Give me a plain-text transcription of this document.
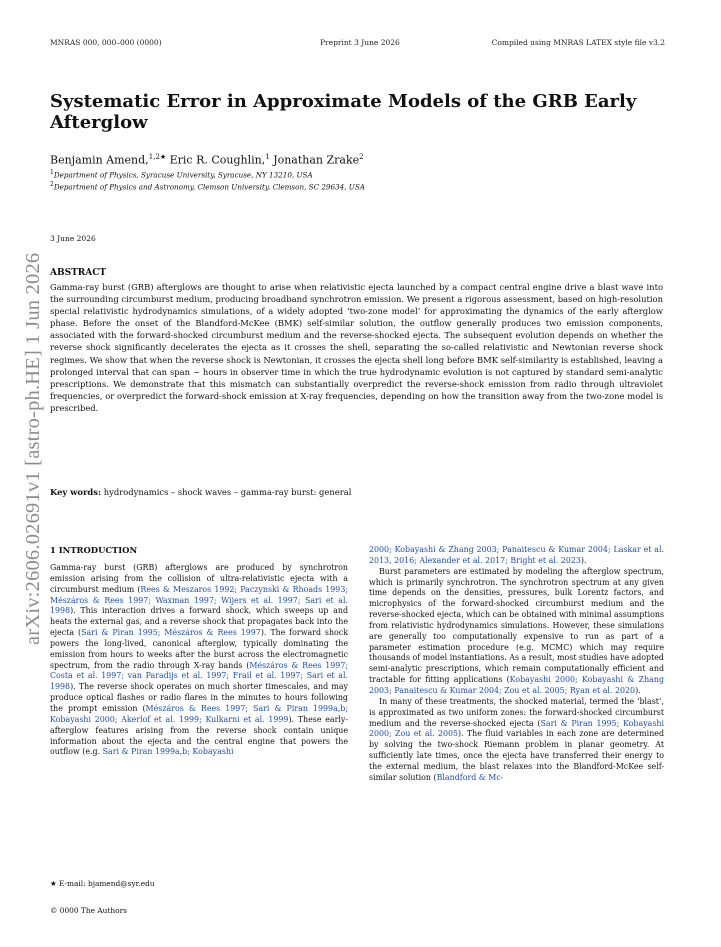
MNRAS 000, 000–000 (0000)	Preprint 3 June 2026	Compiled using MNRAS LATEX style file v3.2
arXiv:2606.02691v1 [astro-ph.HE] 1 Jun 2026
Systematic Error in Approximate Models of the GRB Early Afterglow
Benjamin Amend,$^{1,2★}$ Eric R. Coughlin,$^1$ Jonathan Zrake$^2$
$^1$Department of Physics, Syracuse University, Syracuse, NY 13210, USA
$^2$Department of Physics and Astronomy, Clemson University, Clemson, SC 29634, USA
3 June 2026
ABSTRACT
Gamma-ray burst (GRB) afterglows are thought to arise when relativistic ejecta launched by a compact central engine drive a blast wave into the surrounding circumburst medium, producing broadband synchrotron emission. We present a rigorous assessment, based on high-resolution special relativistic hydrodynamics simulations, of a widely adopted ‘two-zone model’ for approximating the dynamics of the early afterglow phase. Before the onset of the Blandford-McKee (BMK) self-similar solution, the outflow generally produces two emission components, associated with the forward-shocked circumburst medium and the reverse-shocked ejecta. The subsequent evolution depends on whether the reverse shock significantly decelerates the ejecta as it crosses the shell, separating the so-called relativistic and Newtonian reverse shock regimes. We show that when the reverse shock is Newtonian, it crosses the ejecta shell long before BMK self-similarity is established, leaving a prolonged interval that can span ∼ hours in observer time in which the true hydrodynamic evolution is not captured by standard semi-analytic prescriptions. We demonstrate that this mismatch can substantially overpredict the reverse-shock emission from radio through ultraviolet frequencies, or overpredict the forward-shock emission at X-ray frequencies, depending on how the transition away from the two-zone model is prescribed.
Key words: hydrodynamics – shock waves – gamma-ray burst: general
1 INTRODUCTION

Gamma-ray burst (GRB) afterglows are produced by synchrotron emission arising from the collision of ultra-relativistic ejecta with a circumburst medium (Rees & Meszaros 1992; Paczynski & Rhoads 1993; Mészáros & Rees 1997; Waxman 1997; Wijers et al. 1997; Sari et al. 1998). This interaction drives a forward shock, which sweeps up and heats the external gas, and a reverse shock that propagates back into the ejecta (Sari & Piran 1995; Mészáros & Rees 1997). The forward shock powers the long-lived, canonical afterglow, typically dominating the emission from hours to weeks after the burst across the electromagnetic spectrum, from the radio through X-ray bands (Mészáros & Rees 1997; Costa et al. 1997; van Paradijs et al. 1997; Frail et al. 1997; Sari et al. 1998). The reverse shock operates on much shorter timescales, and may produce optical flashes or radio flares in the minutes to hours following the prompt emission (Mészáros & Rees 1997; Sari & Piran 1999a,b; Kobayashi 2000; Akerlof et al. 1999; Kulkarni et al. 1999). These early-afterglow features arising from the reverse shock contain unique information about the ejecta and the central engine that powers the outflow (e.g. Sari & Piran 1999a,b; Kobayashi

2000; Kobayashi & Zhang 2003; Panaitescu & Kumar 2004; Laskar et al. 2013, 2016; Alexander et al. 2017; Bright et al. 2023).

Burst parameters are estimated by modeling the afterglow spectrum, which is primarily synchrotron. The synchrotron spectrum at any given time depends on the densities, pressures, bulk Lorentz factors, and microphysics of the forward-shocked circumburst medium and the reverse-shocked ejecta, which can be obtained with minimal assumptions from relativistic hydrodynamics simulations. However, these simulations are generally too computationally expensive to run as part of a parameter estimation procedure (e.g. MCMC) which may require thousands of model instantiations. As a result, most studies have adopted semi-analytic prescriptions, which remain computationally efficient and tractable for fitting applications (Kobayashi 2000; Kobayashi & Zhang 2003; Panaitescu & Kumar 2004; Zou et al. 2005; Ryan et al. 2020).

In many of these treatments, the shocked material, termed the ‘blast’, is approximated as two uniform zones: the forward-shocked circumburst medium and the reverse-shocked ejecta (Sari & Piran 1995; Kobayashi 2000; Zou et al. 2005). The fluid variables in each zone are determined by solving the two-shock Riemann problem in planar geometry. At sufficiently late times, once the ejecta have transferred their energy to the external medium, the blast relaxes into the Blandford-McKee self-similar solution (Blandford & Mc-

★ E-mail: bjamend@syr.edu
© 0000 The Authors
